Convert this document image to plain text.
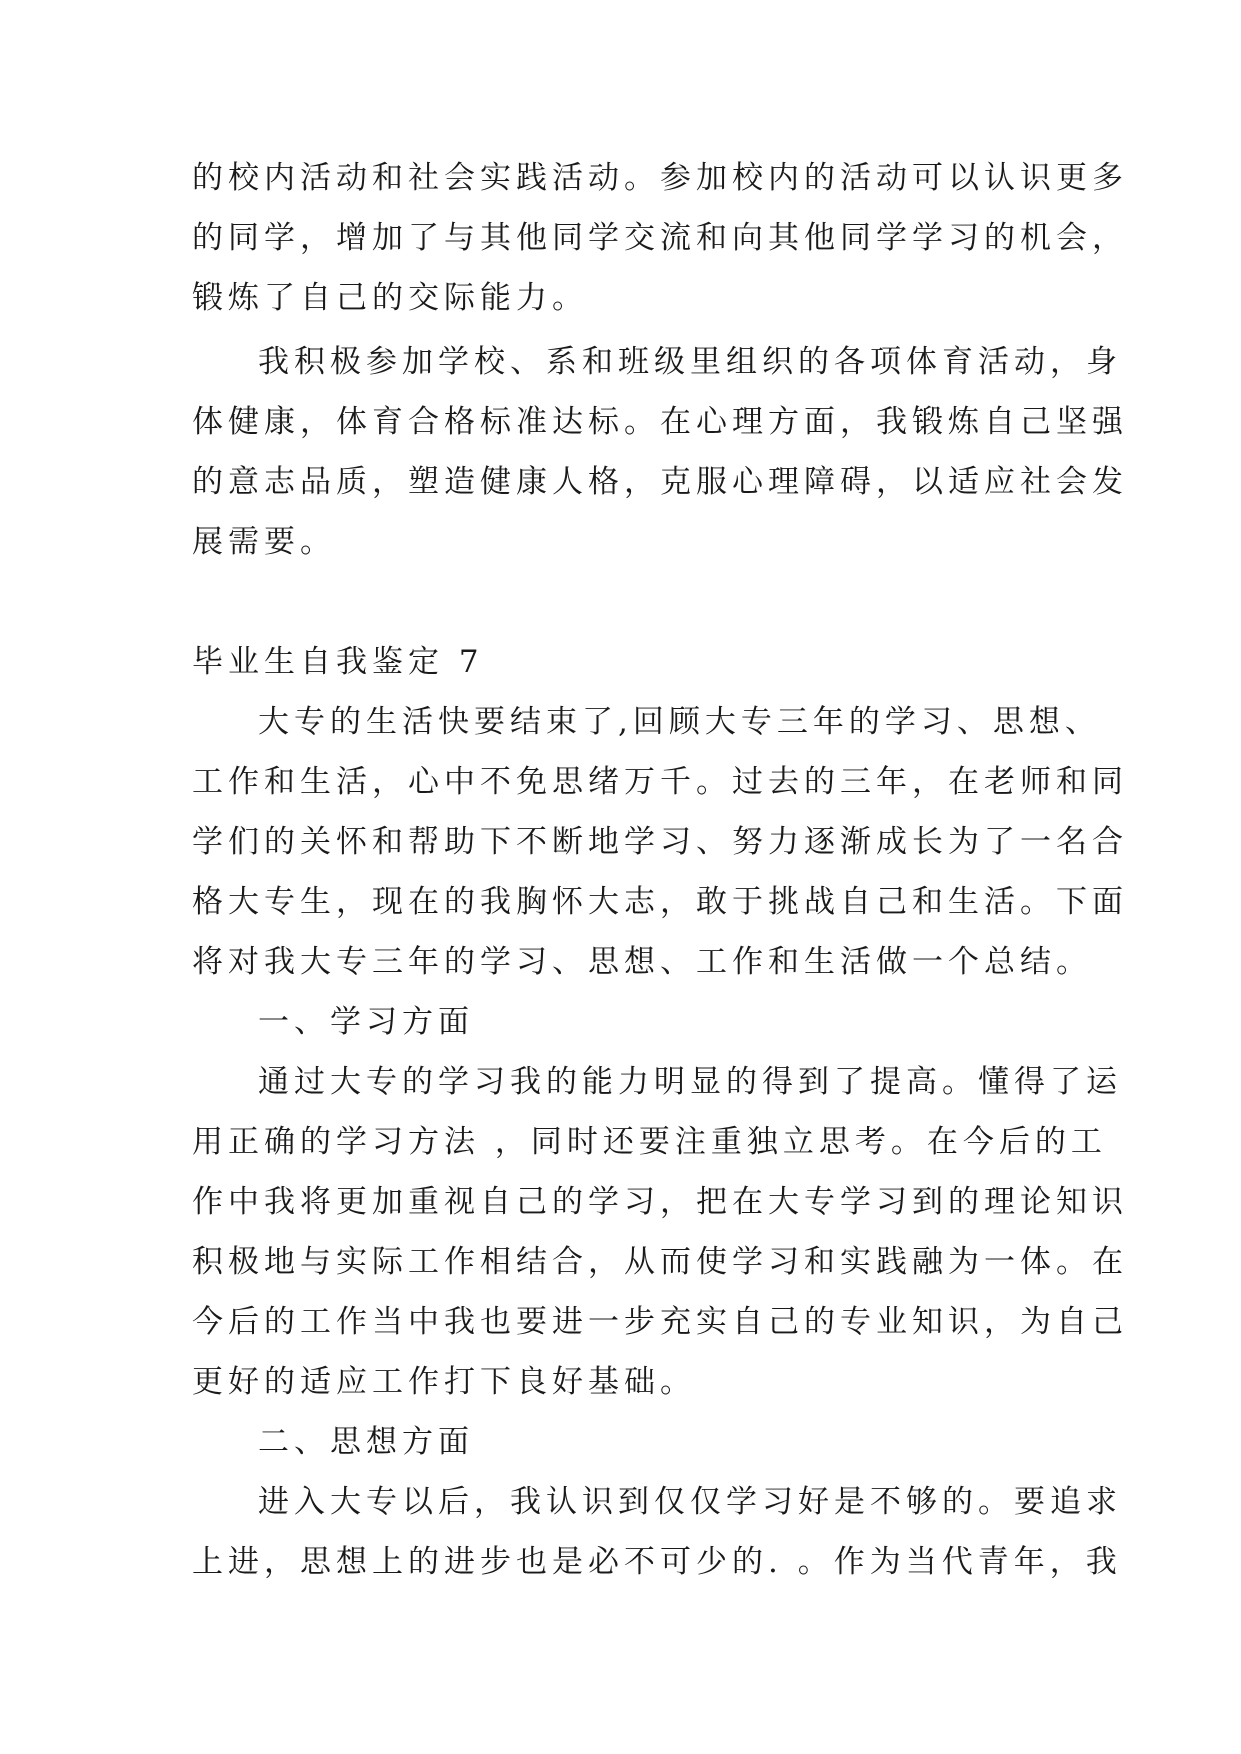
的校内活动和社会实践活动。参加校内的活动可以认识更多
的同学，增加了与其他同学交流和向其他同学学习的机会，
锻炼了自己的交际能力。
我积极参加学校、系和班级里组织的各项体育活动，身
体健康，体育合格标准达标。在心理方面，我锻炼自己坚强
的意志品质，塑造健康人格，克服心理障碍，以适应社会发
展需要。
毕业生自我鉴定 7
大专的生活快要结束了,回顾大专三年的学习、思想、
工作和生活，心中不免思绪万千。过去的三年，在老师和同
学们的关怀和帮助下不断地学习、努力逐渐成长为了一名合
格大专生，现在的我胸怀大志，敢于挑战自己和生活。下面
将对我大专三年的学习、思想、工作和生活做一个总结。
一、学习方面
通过大专的学习我的能力明显的得到了提高。懂得了运
用正确的学习方法 ，同时还要注重独立思考。在今后的工
作中我将更加重视自己的学习，把在大专学习到的理论知识
积极地与实际工作相结合，从而使学习和实践融为一体。在
今后的工作当中我也要进一步充实自己的专业知识，为自己
更好的适应工作打下良好基础。
二、思想方面
进入大专以后，我认识到仅仅学习好是不够的。要追求
上进，思想上的进步也是必不可少的. 。作为当代青年，我
